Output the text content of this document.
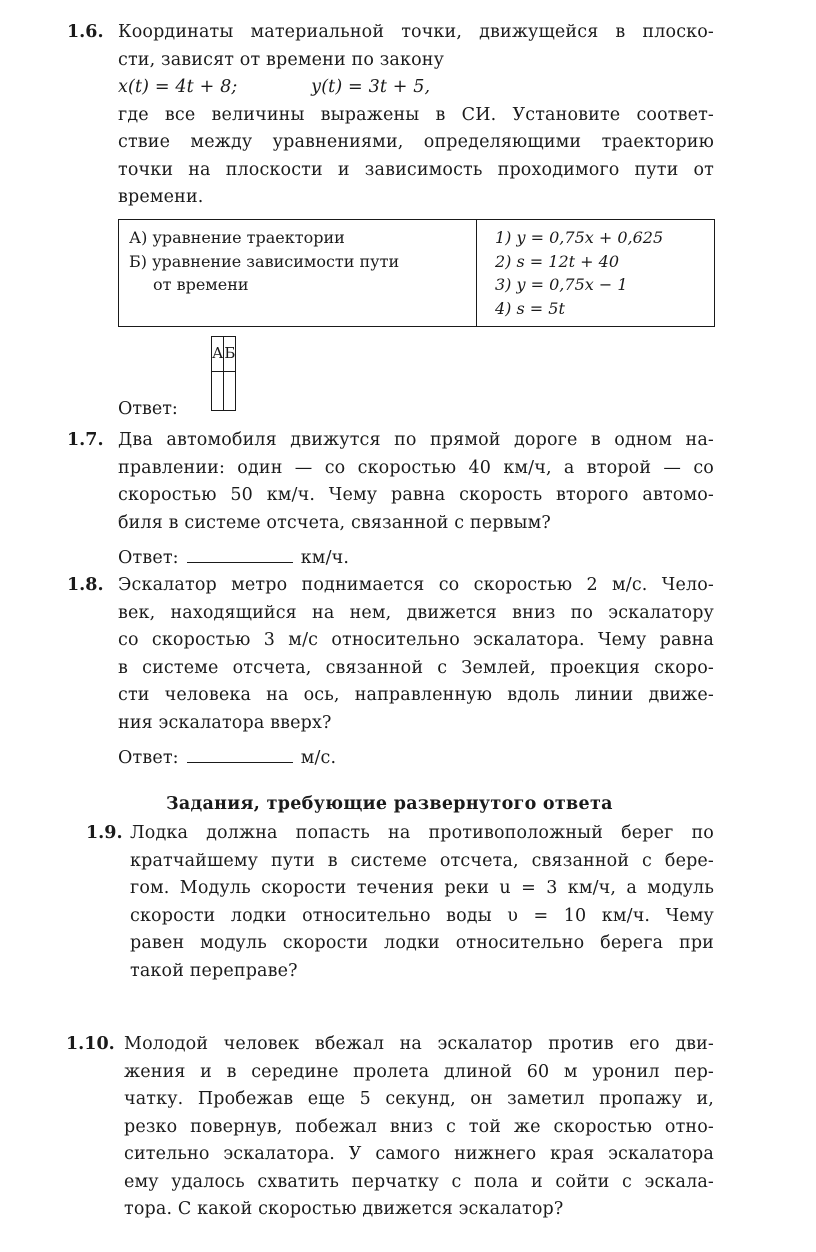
1.6. Координаты материальной точки, движущейся в плоско-
сти, зависят от времени по закону
x(t) = 4t + 8;	y(t) = 3t + 5,
где все величины выражены в СИ. Установите соответ-
ствие между уравнениями, определяющими траекторию
точки на плоскости и зависимость проходимого пути от
времени.
А) уравнение траектории
Б) уравнение зависимости пути
от времени

1) y = 0,75x + 0,625
2) s = 12t + 40
3) y = 0,75x − 1
4) s = 5t
А	Б

Ответ:
1.7. Два автомобиля движутся по прямой дороге в одном на-
правлении: один — со скоростью 40 км/ч, а второй — со
скоростью 50 км/ч. Чему равна скорость второго автомо-
биля в системе отсчета, связанной с первым?
Ответ:	км/ч.
1.8. Эскалатор метро поднимается со скоростью 2 м/с. Чело-
век, находящийся на нем, движется вниз по эскалатору
со скоростью 3 м/с относительно эскалатора. Чему равна
в системе отсчета, связанной с Землей, проекция скоро-
сти человека на ось, направленную вдоль линии движе-
ния эскалатора вверх?
Ответ:	м/с.
Задания, требующие развернутого ответа
1.9. Лодка должна попасть на противоположный берег по
кратчайшему пути в системе отсчета, связанной с бере-
гом. Модуль скорости течения реки u = 3 км/ч, а модуль
скорости лодки относительно воды υ = 10 км/ч. Чему
равен модуль скорости лодки относительно берега при
такой переправе?
1.10. Молодой человек вбежал на эскалатор против его дви-
жения и в середине пролета длиной 60 м уронил пер-
чатку. Пробежав еще 5 секунд, он заметил пропажу и,
резко повернув, побежал вниз с той же скоростью отно-
сительно эскалатора. У самого нижнего края эскалатора
ему удалось схватить перчатку с пола и сойти с эскала-
тора. С какой скоростью движется эскалатор?
